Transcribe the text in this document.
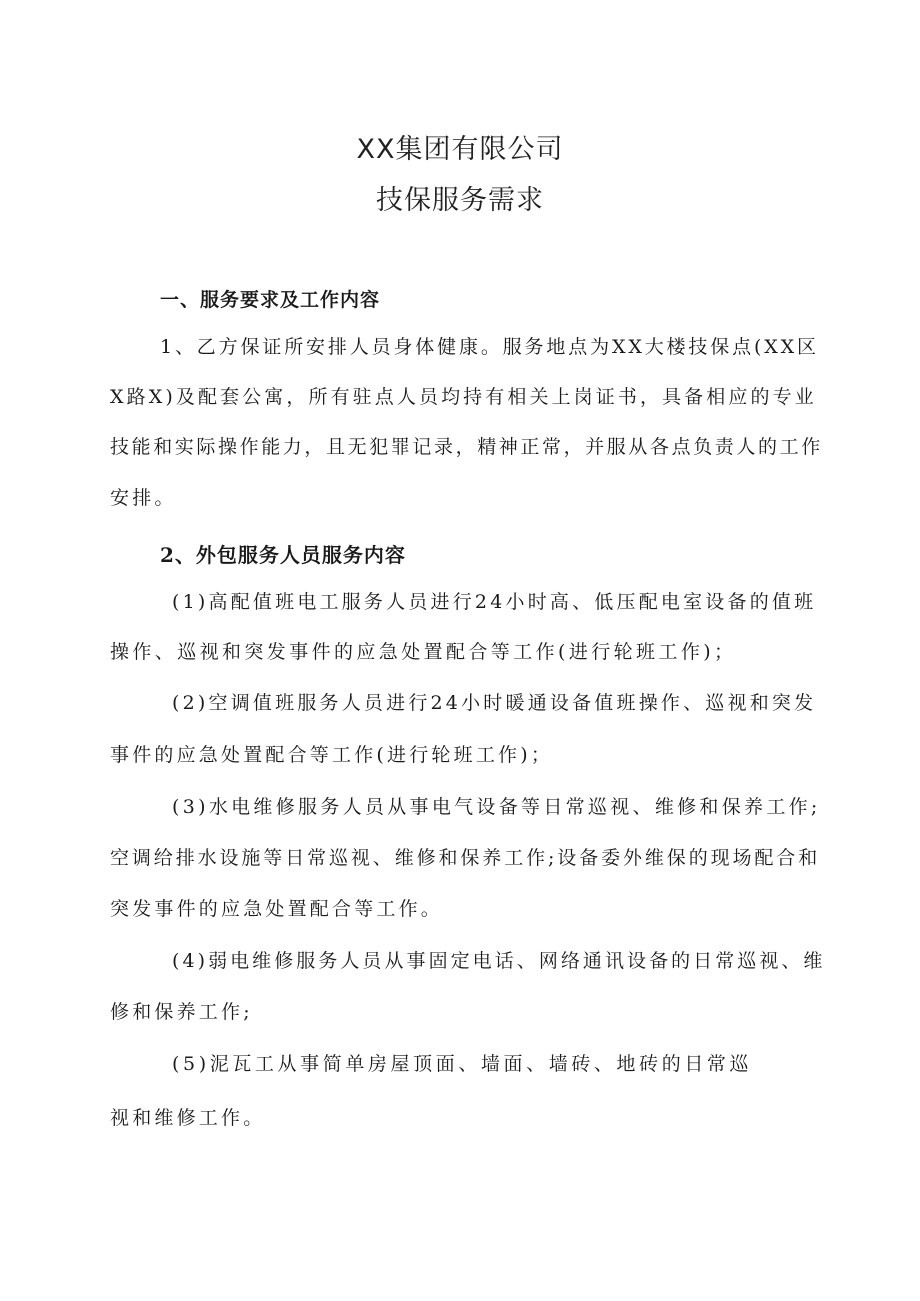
XX集团有限公司
技保服务需求
一、服务要求及工作内容
1、乙方保证所安排人员身体健康。服务地点为XX大楼技保点(XX区
X路X)及配套公寓，所有驻点人员均持有相关上岗证书，具备相应的专业
技能和实际操作能力，且无犯罪记录，精神正常，并服从各点负责人的工作
安排。
2、外包服务人员服务内容
(1)高配值班电工服务人员进行24小时高、低压配电室设备的值班
操作、巡视和突发事件的应急处置配合等工作(进行轮班工作)；
(2)空调值班服务人员进行24小时暖通设备值班操作、巡视和突发
事件的应急处置配合等工作(进行轮班工作)；
(3)水电维修服务人员从事电气设备等日常巡视、维修和保养工作;
空调给排水设施等日常巡视、维修和保养工作;设备委外维保的现场配合和
突发事件的应急处置配合等工作。
(4)弱电维修服务人员从事固定电话、网络通讯设备的日常巡视、维
修和保养工作;
(5)泥瓦工从事简单房屋顶面、墙面、墙砖、地砖的日常巡
视和维修工作。
